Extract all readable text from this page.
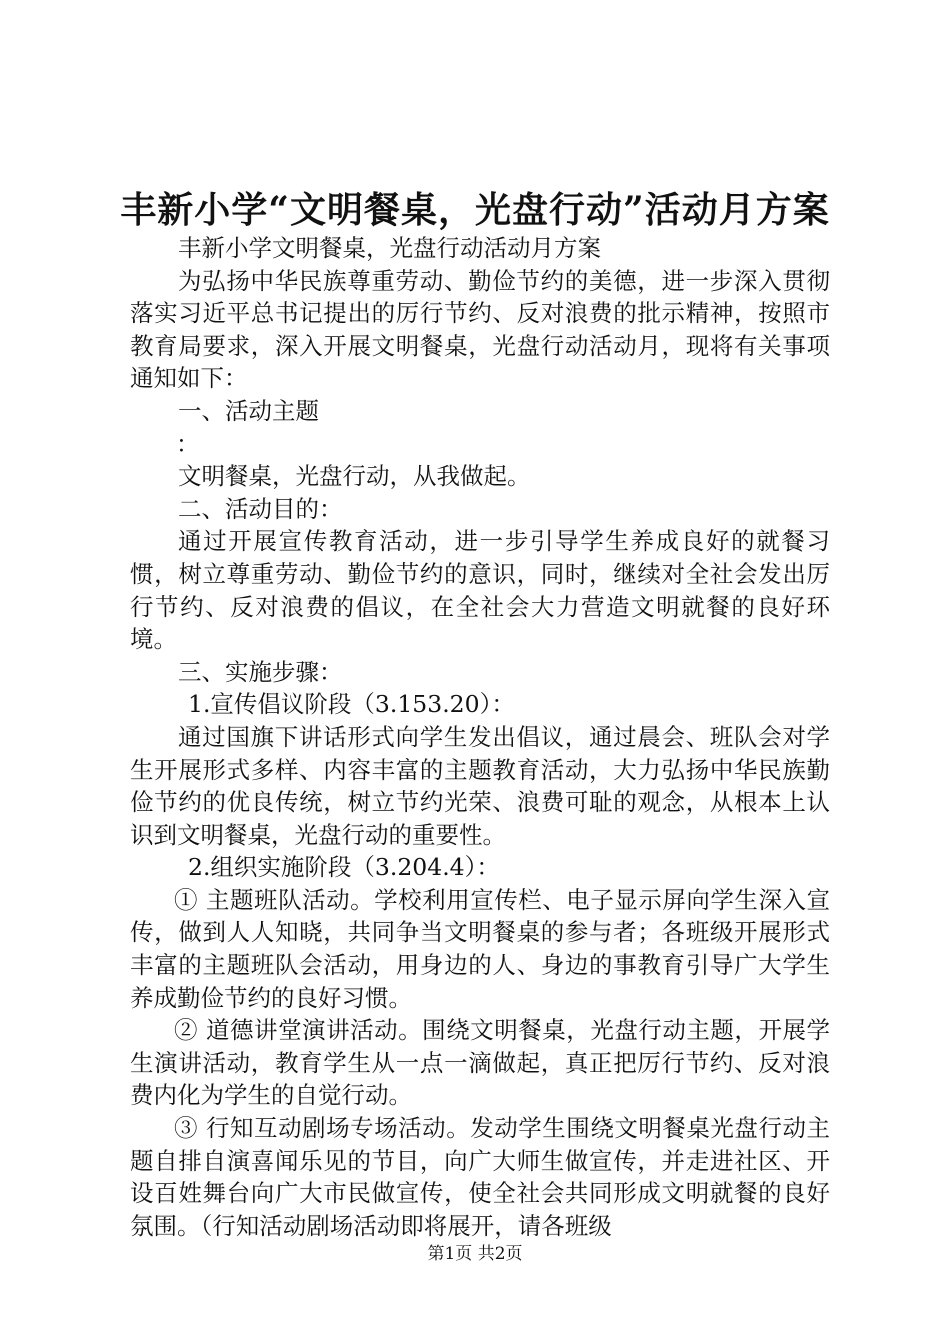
丰新小学“文明餐桌，光盘行动”活动月方案

丰新小学文明餐桌，光盘行动活动月方案

为弘扬中华民族尊重劳动、勤俭节约的美德，进一步深入贯彻落实习近平总书记提出的厉行节约、反对浪费的批示精神，按照市教育局要求，深入开展文明餐桌，光盘行动活动月，现将有关事项通知如下：

一、活动主题

：

文明餐桌，光盘行动，从我做起。

二、活动目的：

通过开展宣传教育活动，进一步引导学生养成良好的就餐习惯，树立尊重劳动、勤俭节约的意识，同时，继续对全社会发出厉行节约、反对浪费的倡议，在全社会大力营造文明就餐的良好环境。

三、实施步骤：

1.宣传倡议阶段（3.153.20）：

通过国旗下讲话形式向学生发出倡议，通过晨会、班队会对学生开展形式多样、内容丰富的主题教育活动，大力弘扬中华民族勤俭节约的优良传统，树立节约光荣、浪费可耻的观念，从根本上认识到文明餐桌，光盘行动的重要性。

2.组织实施阶段（3.204.4）：

① 主题班队活动。学校利用宣传栏、电子显示屏向学生深入宣传，做到人人知晓，共同争当文明餐桌的参与者；各班级开展形式丰富的主题班队会活动，用身边的人、身边的事教育引导广大学生养成勤俭节约的良好习惯。

② 道德讲堂演讲活动。围绕文明餐桌，光盘行动主题，开展学生演讲活动，教育学生从一点一滴做起，真正把厉行节约、反对浪费内化为学生的自觉行动。

③ 行知互动剧场专场活动。发动学生围绕文明餐桌光盘行动主题自排自演喜闻乐见的节目，向广大师生做宣传，并走进社区、开设百姓舞台向广大市民做宣传，使全社会共同形成文明就餐的良好氛围。（行知活动剧场活动即将展开，请各班级

第1页 共2页
